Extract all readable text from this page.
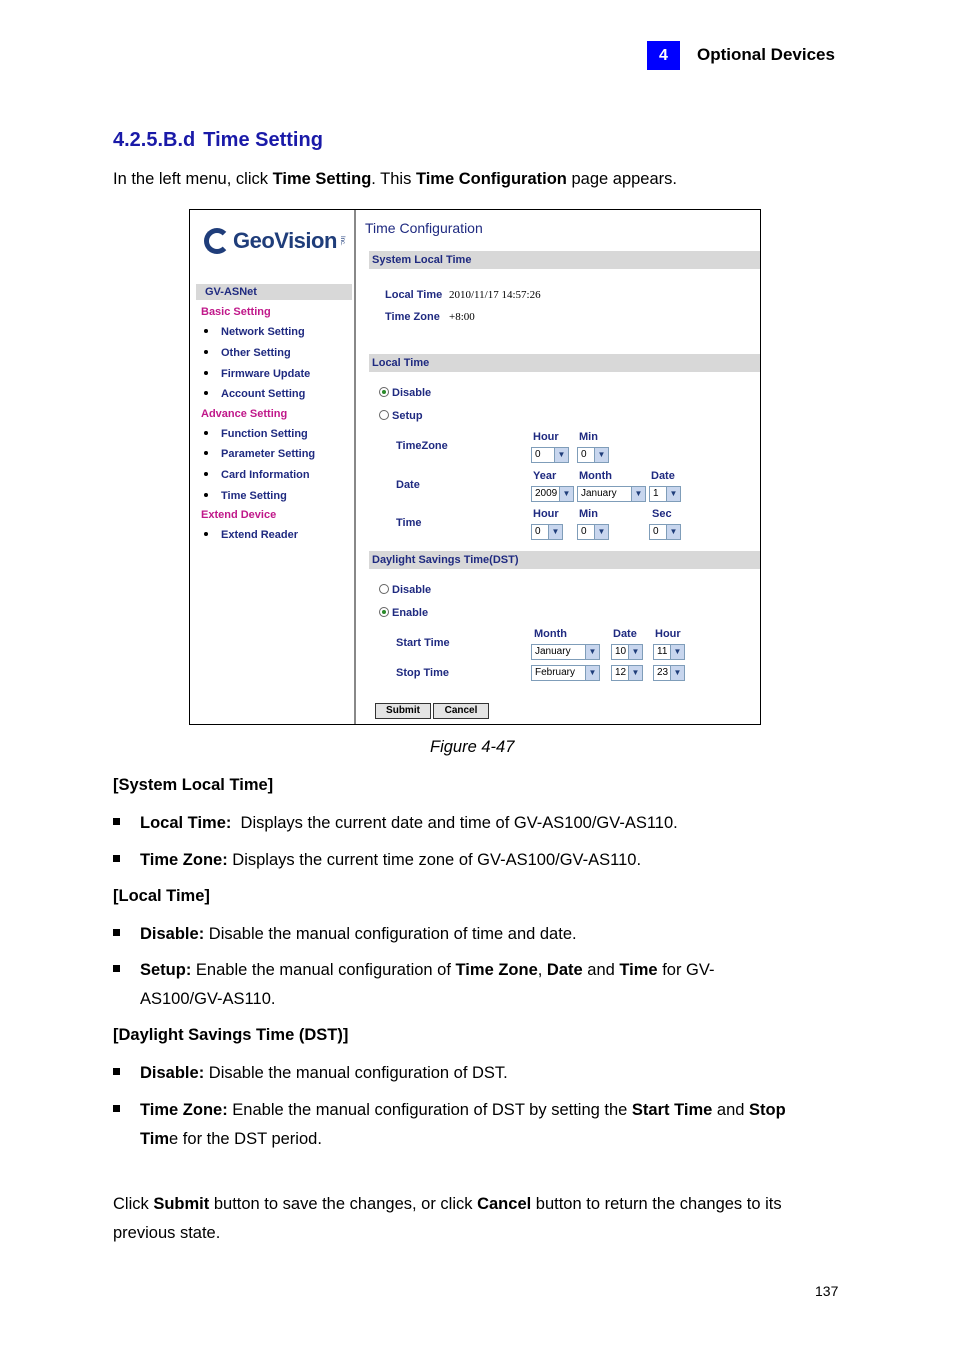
4	Optional Devices
4.2.5.B.d Time Setting
In the left menu, click Time Setting. This Time Configuration page appears.
GeoVision Inc.
GV-ASNet
Basic Setting
Network Setting
Other Setting
Firmware Update
Account Setting
Advance Setting
Function Setting
Parameter Setting
Card Information
Time Setting
Extend Device
Extend Reader
Time Configuration
System Local Time
Local Time 2010/11/17 14:57:26
Time Zone +8:00
Local Time
Disable
Setup
TimeZone
Hour Min
0	▼	0	▼
Date
Year Month	Date
2009 ▼	January	▼	1	▼
Time
Hour Min	Sec
0	▼	0	▼	0	▼
Daylight Savings Time(DST)
Disable
Enable
Month	Date Hour
Start Time
January	▼	10 ▼	11 ▼
Stop Time	February	▼	12 ▼	23 ▼
Submit	Cancel
Figure 4-47
[System Local Time]
Local Time:  Displays the current date and time of GV-AS100/GV-AS110.
Time Zone: Displays the current time zone of GV-AS100/GV-AS110.
[Local Time]
Disable: Disable the manual configuration of time and date.
Setup: Enable the manual configuration of Time Zone, Date and Time for GV-
AS100/GV-AS110.
[Daylight Savings Time (DST)]
Disable: Disable the manual configuration of DST.
Time Zone: Enable the manual configuration of DST by setting the Start Time and Stop
Time for the DST period.
Click Submit button to save the changes, or click Cancel button to return the changes to its
previous state.
137
